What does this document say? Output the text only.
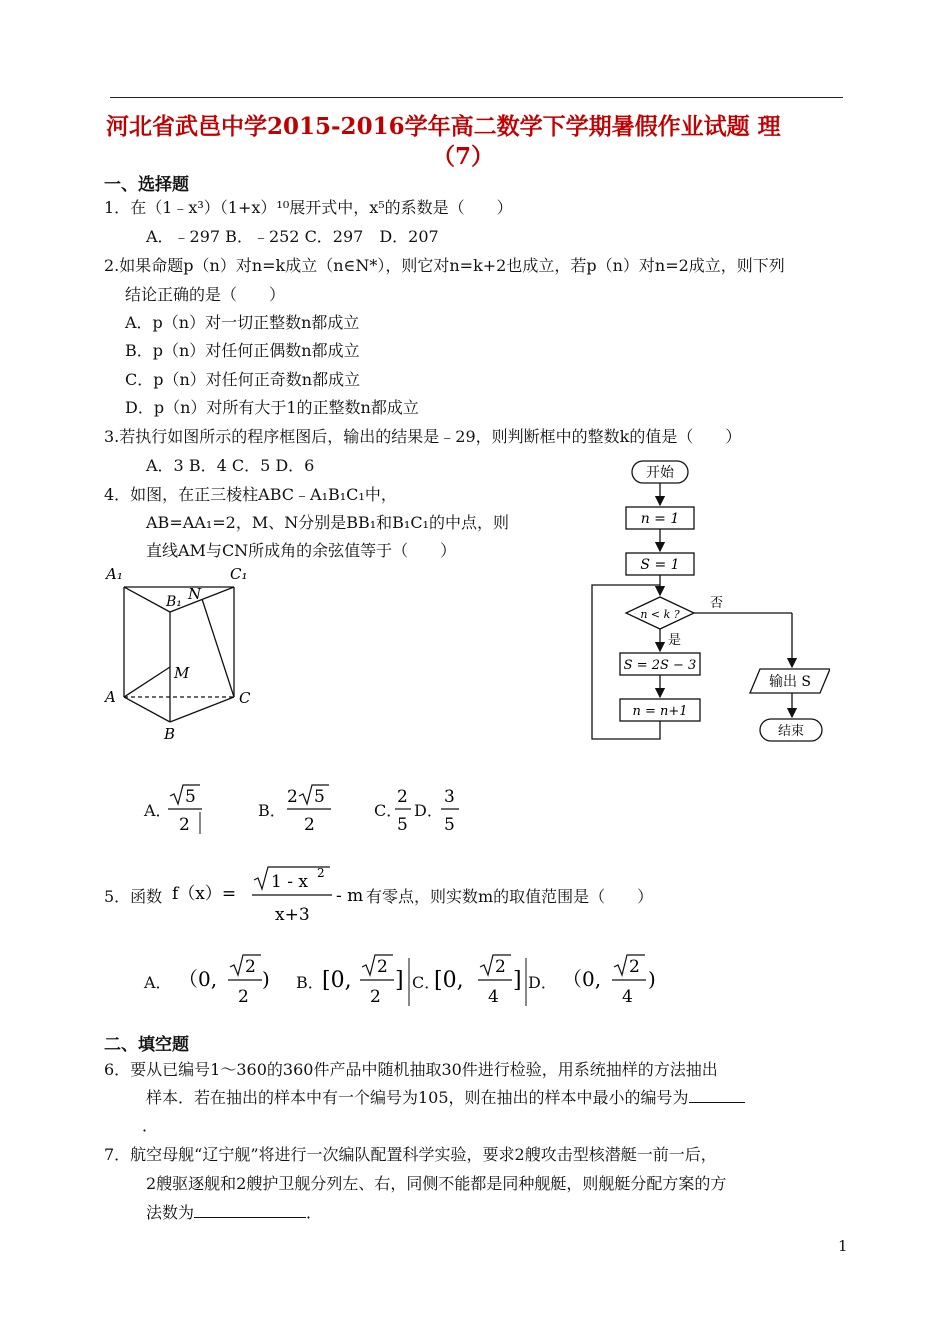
河北省武邑中学2015-2016学年高二数学下学期暑假作业试题 理
（7）
一、选择题
1．在（1﹣x³）（1+x）¹⁰展开式中，x⁵的系数是（　　）
A．﹣297 B．﹣252 C．297　D．207
2.如果命题p（n）对n=k成立（n∈N*），则它对n=k+2也成立，若p（n）对n=2成立，则下列
结论正确的是（　　）
A．p（n）对一切正整数n都成立
B．p（n）对任何正偶数n都成立
C．p（n）对任何正奇数n都成立
D．p（n）对所有大于1的正整数n都成立
3.若执行如图所示的程序框图后，输出的结果是﹣29，则判断框中的整数k的值是（　　）
A．3 B．4 C．5 D．6
4．如图，在正三棱柱ABC﹣A₁B₁C₁中，
AB=AA₁=2，M、N分别是BB₁和B₁C₁的中点，则
直线AM与CN所成角的余弦值等于（　　）
A₁	C₁
B₁ N
M
A	C
B
开始
n = 1
S = 1
n < k ?
否
是
S = 2S − 3
n = n+1
输出 S
结束
A．
5
2
B．
2 5
2
C．
2
5
D．
3
5
5．函数 f（x）=
1 - x 2
x+3
- m 有零点，则实数m的取值范围是（　　）
A． （0, 2
2
) B．
[0,
2
2
] C．
[0,
2
4
] D． （0, 2
4
)
二、填空题
6．要从已编号1～360的360件产品中随机抽取30件进行检验，用系统抽样的方法抽出
样本．若在抽出的样本中有一个编号为105，则在抽出的样本中最小的编号为
．
7．航空母舰“辽宁舰”将进行一次编队配置科学实验，要求2艘攻击型核潜艇一前一后，
2艘驱逐舰和2艘护卫舰分列左、右，同侧不能都是同种舰艇，则舰艇分配方案的方
法数为	．
1
